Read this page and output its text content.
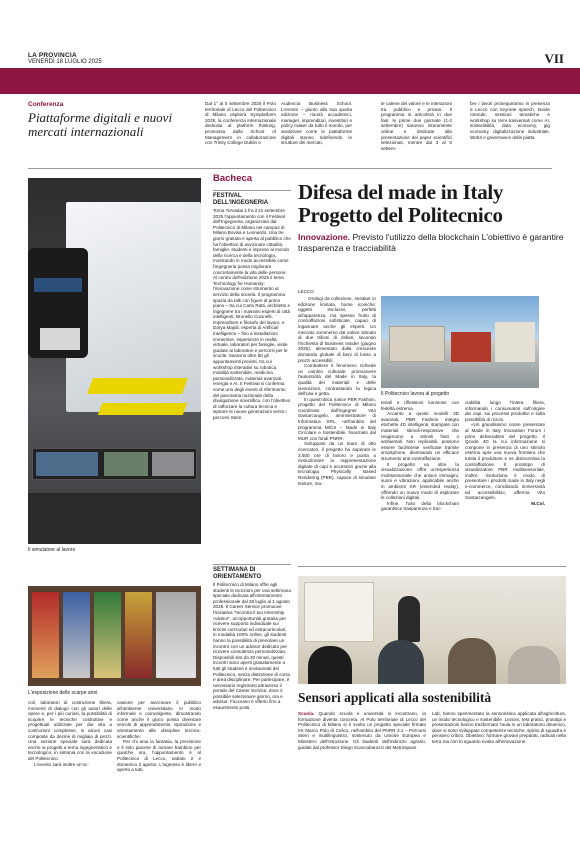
LA PROVINCIA
VENERDÌ 18 LUGLIO 2025	VII
Conferenza
Piattaforme digitali e nuovi mercati internazionali
Dal 1° al 5 settembre 2025 il Polo territoriale di Lecco del Politecnico di Milano ospiterà Symplatform 2025, la conferenza internazionale dedicata al platform thinking, promossa dalla School of Management in collaborazione con Trinity College Dublin e
Audencia Business School. L'evento – giunto alla sua quarta edizione – riunirà accademici, manager, imprenditori, investitori e policy maker da tutto il mondo, per analizzare come le piattaforme digitali stanno ridefinendo le strutture dei mercati,
le catene del valore e le interazioni tra pubblico e privato. Il programma si articolerà in due fasi: le prime due giornate (1-2 settembre) saranno interamente online e dedicate alla presentazione dei paper scientifici selezionati, mentre dal 3 al 5 settem-
bre i lavori proseguiranno in presenza a Lecco con keynote speech, tavole rotonde, sessioni tematiche e workshop su temi trasversali come AI, sostenibilità, data economy, gig economy, digitalizzazione industriale, Web3 e governance delle piatta
Il simulatore al lavoro
L'esposizione delle scarpe anni
coli, laboratori di costruzione libera, momenti di dialogo con gli autori delle opere e, per i più curiosi, la possibilità di scoprire le tecniche costruttive e progettuali utilizzate per dar vita a costruzioni complesse, in alcuni casi composte da decine di migliaia di pezzi. Una sezione speciale sarà dedicata anche ai progetti a tema ingegneristico e tecnologico, in sintonia con la vocazione del Politecnico.
L'evento sarà inoltre un'oc-
casione per avvicinare il pubblico all'ambiente universitario in modo informale e coinvolgente, dimostrando come anche il gioco possa diventare veicolo di apprendimento, ispirazione e orientamento alle discipline tecnico-scientifiche.
Per chi ama la fantasia, la precisione e il solo piacere di tornare bambino per qualche ora, l'appuntamento è al Politecnico di Lecco, sabato 2 e domenica 3 agosto. L'ingresso è libero e aperto a tutti.
Bacheca
FESTIVAL DELL'INGEGNERIA
Torna Torvadai 1 fra il 21 settembre 2025 l'appuntamento con il Festival dell'Ingegneria, organizzato dal Politecnico di Milano nei campus di Milano Bovisa e Leonardo. Una tre giorni gratuita e aperta al pubblico che ha l'obiettivo di avvicinare cittadini, famiglie, studenti e imprese al mondo della ricerca e della tecnologia, mostrando in modo accessibile come l'ingegneria possa migliorare concretamente la vita delle persone. Al centro dell'edizione 2025 il tema Technology for Humanity: l'innovazione come strumento al servizio della società. Il programma spazia da talk con figure di primo piano – tra cui Carlo Ratti, architetto e ingegnere tra i massimi esperti di città intelligenti, Brunello Cucinelli, imprenditore e filosofo del lavoro, e Darya Majidi, esperta di Artificial Intelligence – fino a installazioni immersive, esperienze in realtà virtuale, laboratori per famiglie, visite guidate ai laboratori e percorsi per le scuole. Saranno oltre 50 gli appuntamenti previsti, tra cui workshop interattivi su robotica, mobilità sostenibile, medicina personalizzata, materiali avanzati, energia e AI. Il Festival si conferma come uno degli eventi di riferimento del panorama nazionale della divulgazione scientifica, con l'obiettivo di rafforzare la cultura tecnica e ispirare le nuove generazioni verso i percorsi Stem.
SETTIMANA DI ORIENTAMENTO
Il Politecnico di Milano offre agli studenti le iscrizioni per una settimana speciale dedicata all'orientamento professionale dal 28 luglio al 1 agosto 2025. Il Career Service promuove l'iniziativa "Incontra il tuo Internship Advisor", un'opportunità gratuita per ricevere supporto individuale sui tirocini curriculari ed extracurriculari, in modalità 100% online, gli studenti hanno la possibilità di prenotare un incontro con un advisor dedicato per ricevere consulenza personalizzata. Disponibili slot da 30 minuti, questi incontri sono aperti gratuitamente a tutti gli studenti e neolaureati del Politecnico, senza distinzione di corso e area disciplinare. Per partecipare, è necessario registrarsi attraverso il portale del Career Service, dove è possibile selezionare giorno, ora e advisor. Faccesso è offerto fino a esaurimento posti.
Difesa del made in Italy Progetto del Politecnico
Innovazione. Previsto l'utilizzo della blockchain L'obiettivo è garantire trasparenza e tracciabilità
LECCO
Orologi da collezione, sneaker in edizione limitata, borse iconiche: oggetti esclusivi, perfetti all'apparenza, ma spesso frutto di contraffazioni sofisticate, capaci di ingannare anche gli esperti. Un mercato sommerso dal valore stimato di due trilioni di dollari, secondo l'inchiesta di Business Insider (giugno 2025), alimentato dalla crescente domanda globale di beni di lusso a prezzi accessibili.
Combattere il fenomeno richiede un cambio culturale: promuovere l'autenticità del Made in Italy, la qualità dei materiali e delle lavorazioni, contrastando la logica dell'usa e getta.
In quest'ottica nasce PBR Fashion, progetto del Politecnico di Milano coordinato dall'ingegner Vito Santarcangelo, amministratore di Informatica SRL, nell'ambito del programma MICS – Made in Italy Circolare e Sostenibile, finanziato dal MUR con fondi PNRR.
Sviluppato da un team di otto ricercatori, il progetto ha superato le 3.500 ore di lavoro e punta a rivoluzionare la rappresentazione digitale di capi e accessori grazie alla tecnologia Physically Based Rendering (PBR), capace di simulare texture, ma-
Il Politecnico lavora al progetto
teriali e riflessioni luminose con fedeltà estrema.
Accanto a questi modelli 3D avanzati, PBR Fashion integra etichette 4D intelligenti, stampate con materiali stimoli-responsive che reagiscono a stimoli fisici o ambientali. Non replicabili, possono essere facilmente verificate tramite smartphone, diventando un efficace strumento anti-contraffazione.
Il progetto va oltre la visualizzazione: offre un'esperienza multisensoriale che unisce immagini, suoni e vibrazioni, applicabile anche in ambienti XR (extended reality), offrendo un nuovo modo di esplorare le collezioni digitali.
Infine, l'uso della blockchain garantisce trasparenza e trac-
ciabilità lungo l'intera filiera, informando i consumatori sull'origine dei capi, sui processi produttivi e sulla possibilità di riciclo.
«Un grandissimo onore presentare al Made in Italy Innovation Forum i primi deliverables del progetto. Il Qcode 4D la cui informazione si compone in presenza di uno stimolo esterno apre una nuova frontiera che tutela il produttore e ne disincentiva la contraffazione. Il prototipo di visualizzatore PBR multisensoriale, inoltre, rivoluziona il modo di presentare i prodotti made in Italy negli e-commerce, conciliando immersività ed accessibilità», afferma Vito Santarcangelo.

M.Col.
Sensori applicati alla sostenibilità
Scuola. Quando scuola e università si incontrano, la formazione diventa concreta. Al Polo territoriale di Lecco del Politecnico di Milano si è svolto un progetto speciale firmato IIS Marco Polo di Colico, nell'ambito del PNRR 3.1 – Percorsi Stem e multilinguistici, sostenuto da Unione Europea e Ministero dell'Istruzione. Gli studenti dell'indirizzo agrario, guidati dal professor Diego Scaccabarozzi del Metrospace
Lab, hanno sperimentato la sensoristica applicata all'agricoltura, un modo tecnologico e sostenibile. Lezioni, test pratici, prototipi e presentazioni hanno trasformato l'aula in un laboratorio dinamico, dove si sono sviluppate competenze tecniche, spirito di squadra e pensiero critico. Obiettivo: formare giovani preparati, radicati nella terra ma con lo sguardo rivolto all'innovazione.
